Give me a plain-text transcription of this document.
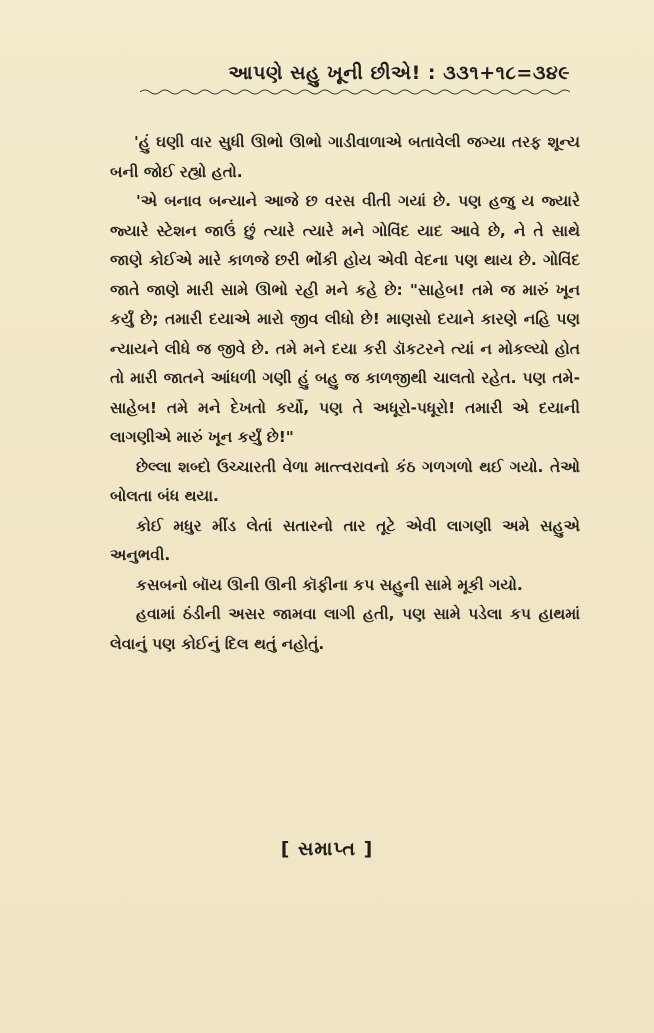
આપણે સહુ ખૂની છીએ! : ૩૩૧+૧૮=૩૪૯

'હું ઘણી વાર સુધી ઊભો ઊભો ગાડીવાળાએ બતાવેલી જગ્યા તરફ શૂન્ય બની જોઈ રહ્યો હતો.

'એ બનાવ બન્યાને આજે છ વરસ વીતી ગયાં છે. પણ હજુ ય જ્યારે જ્યારે સ્ટેશન જાઉં છું ત્યારે ત્યારે મને ગોવિંદ યાદ આવે છે, ને તે સાથે જાણે કોઈએ મારે કાળજે છરી ભોંકી હોય એવી વેદના પણ થાય છે. ગોવિંદ જાતે જાણે મારી સામે ઊભો રહી મને કહે છે: "સાહેબ! તમે જ મારું ખૂન કર્યું છે; તમારી દયાએ મારો જીવ લીધો છે! માણસો દયાને કારણે નહિ પણ ન્યાયને લીધે જ જીવે છે. તમે મને દયા કરી ડૉકટરને ત્યાં ન મોકલ્યો હોત તો મારી જાતને આંધળી ગણી હું બહુ જ કાળજીથી ચાલતો રહેત. પણ તમે-સાહેબ! તમે મને દેખતો કર્યો, પણ તે અધૂરો-પધૂરો! તમારી એ દયાની લાગણીએ મારું ખૂન કર્યું છે!"

છેલ્લા શબ્દો ઉચ્ચારતી વેળા માત્ત્વરાવનો કંઠ ગળગળો થઈ ગયો. તેઓ બોલતા બંધ થયા.

કોઈ મધુર મીંડ લેતાં સતારનો તાર તૂટે એવી લાગણી અમે સહુએ અનુભવી.

કસબનો બૉય ઊની ઊની કૉફીના કપ સહુની સામે મૂકી ગયો.

હવામાં ઠંડીની અસર જામવા લાગી હતી, પણ સામે પડેલા કપ હાથમાં લેવાનું પણ કોઈનું દિલ થતું નહોતું.

[ સમાપ્ત ]
